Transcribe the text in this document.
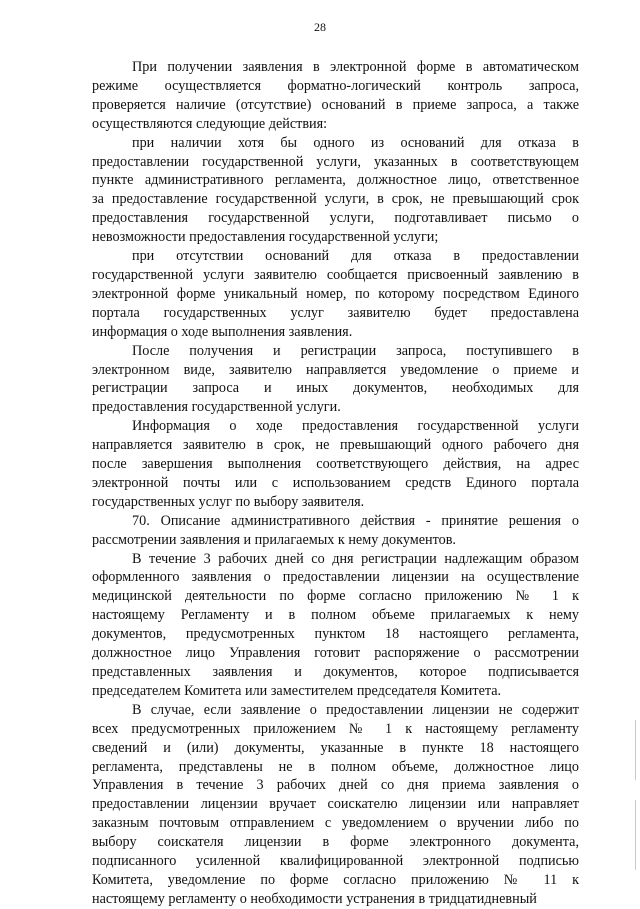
28

При получении заявления в электронной форме в автоматическом
режиме осуществляется форматно-логический контроль запроса,
проверяется наличие (отсутствие) оснований в приеме запроса, а также
осуществляются следующие действия:

при наличии хотя бы одного из оснований для отказа в
предоставлении государственной услуги, указанных в соответствующем
пункте административного регламента, должностное лицо, ответственное
за предоставление государственной услуги, в срок, не превышающий срок
предоставления государственной услуги, подготавливает письмо о
невозможности предоставления государственной услуги;

при отсутствии оснований для отказа в предоставлении
государственной услуги заявителю сообщается присвоенный заявлению в
электронной форме уникальный номер, по которому посредством Единого
портала государственных услуг заявителю будет предоставлена
информация о ходе выполнения заявления.

После получения и регистрации запроса, поступившего в
электронном виде, заявителю направляется уведомление о приеме и
регистрации запроса и иных документов, необходимых для
предоставления государственной услуги.

Информация о ходе предоставления государственной услуги
направляется заявителю в срок, не превышающий одного рабочего дня
после завершения выполнения соответствующего действия, на адрес
электронной почты или с использованием средств Единого портала
государственных услуг по выбору заявителя.

70. Описание административного действия - принятие решения о
рассмотрении заявления и прилагаемых к нему документов.

В течение 3 рабочих дней со дня регистрации надлежащим образом
оформленного заявления о предоставлении лицензии на осуществление
медицинской деятельности по форме согласно приложению № 1 к
настоящему Регламенту и в полном объеме прилагаемых к нему
документов, предусмотренных пунктом 18 настоящего регламента,
должностное лицо Управления готовит распоряжение о рассмотрении
представленных заявления и документов, которое подписывается
председателем Комитета или заместителем председателя Комитета.

В случае, если заявление о предоставлении лицензии не содержит
всех предусмотренных приложением № 1 к настоящему регламенту
сведений и (или) документы, указанные в пункте 18 настоящего
регламента, представлены не в полном объеме, должностное лицо
Управления в течение 3 рабочих дней со дня приема заявления о
предоставлении лицензии вручает соискателю лицензии или направляет
заказным почтовым отправлением с уведомлением о вручении либо по
выбору соискателя лицензии в форме электронного документа,
подписанного усиленной квалифицированной электронной подписью
Комитета, уведомление по форме согласно приложению № 11 к
настоящему регламенту о необходимости устранения в тридцатидневный
